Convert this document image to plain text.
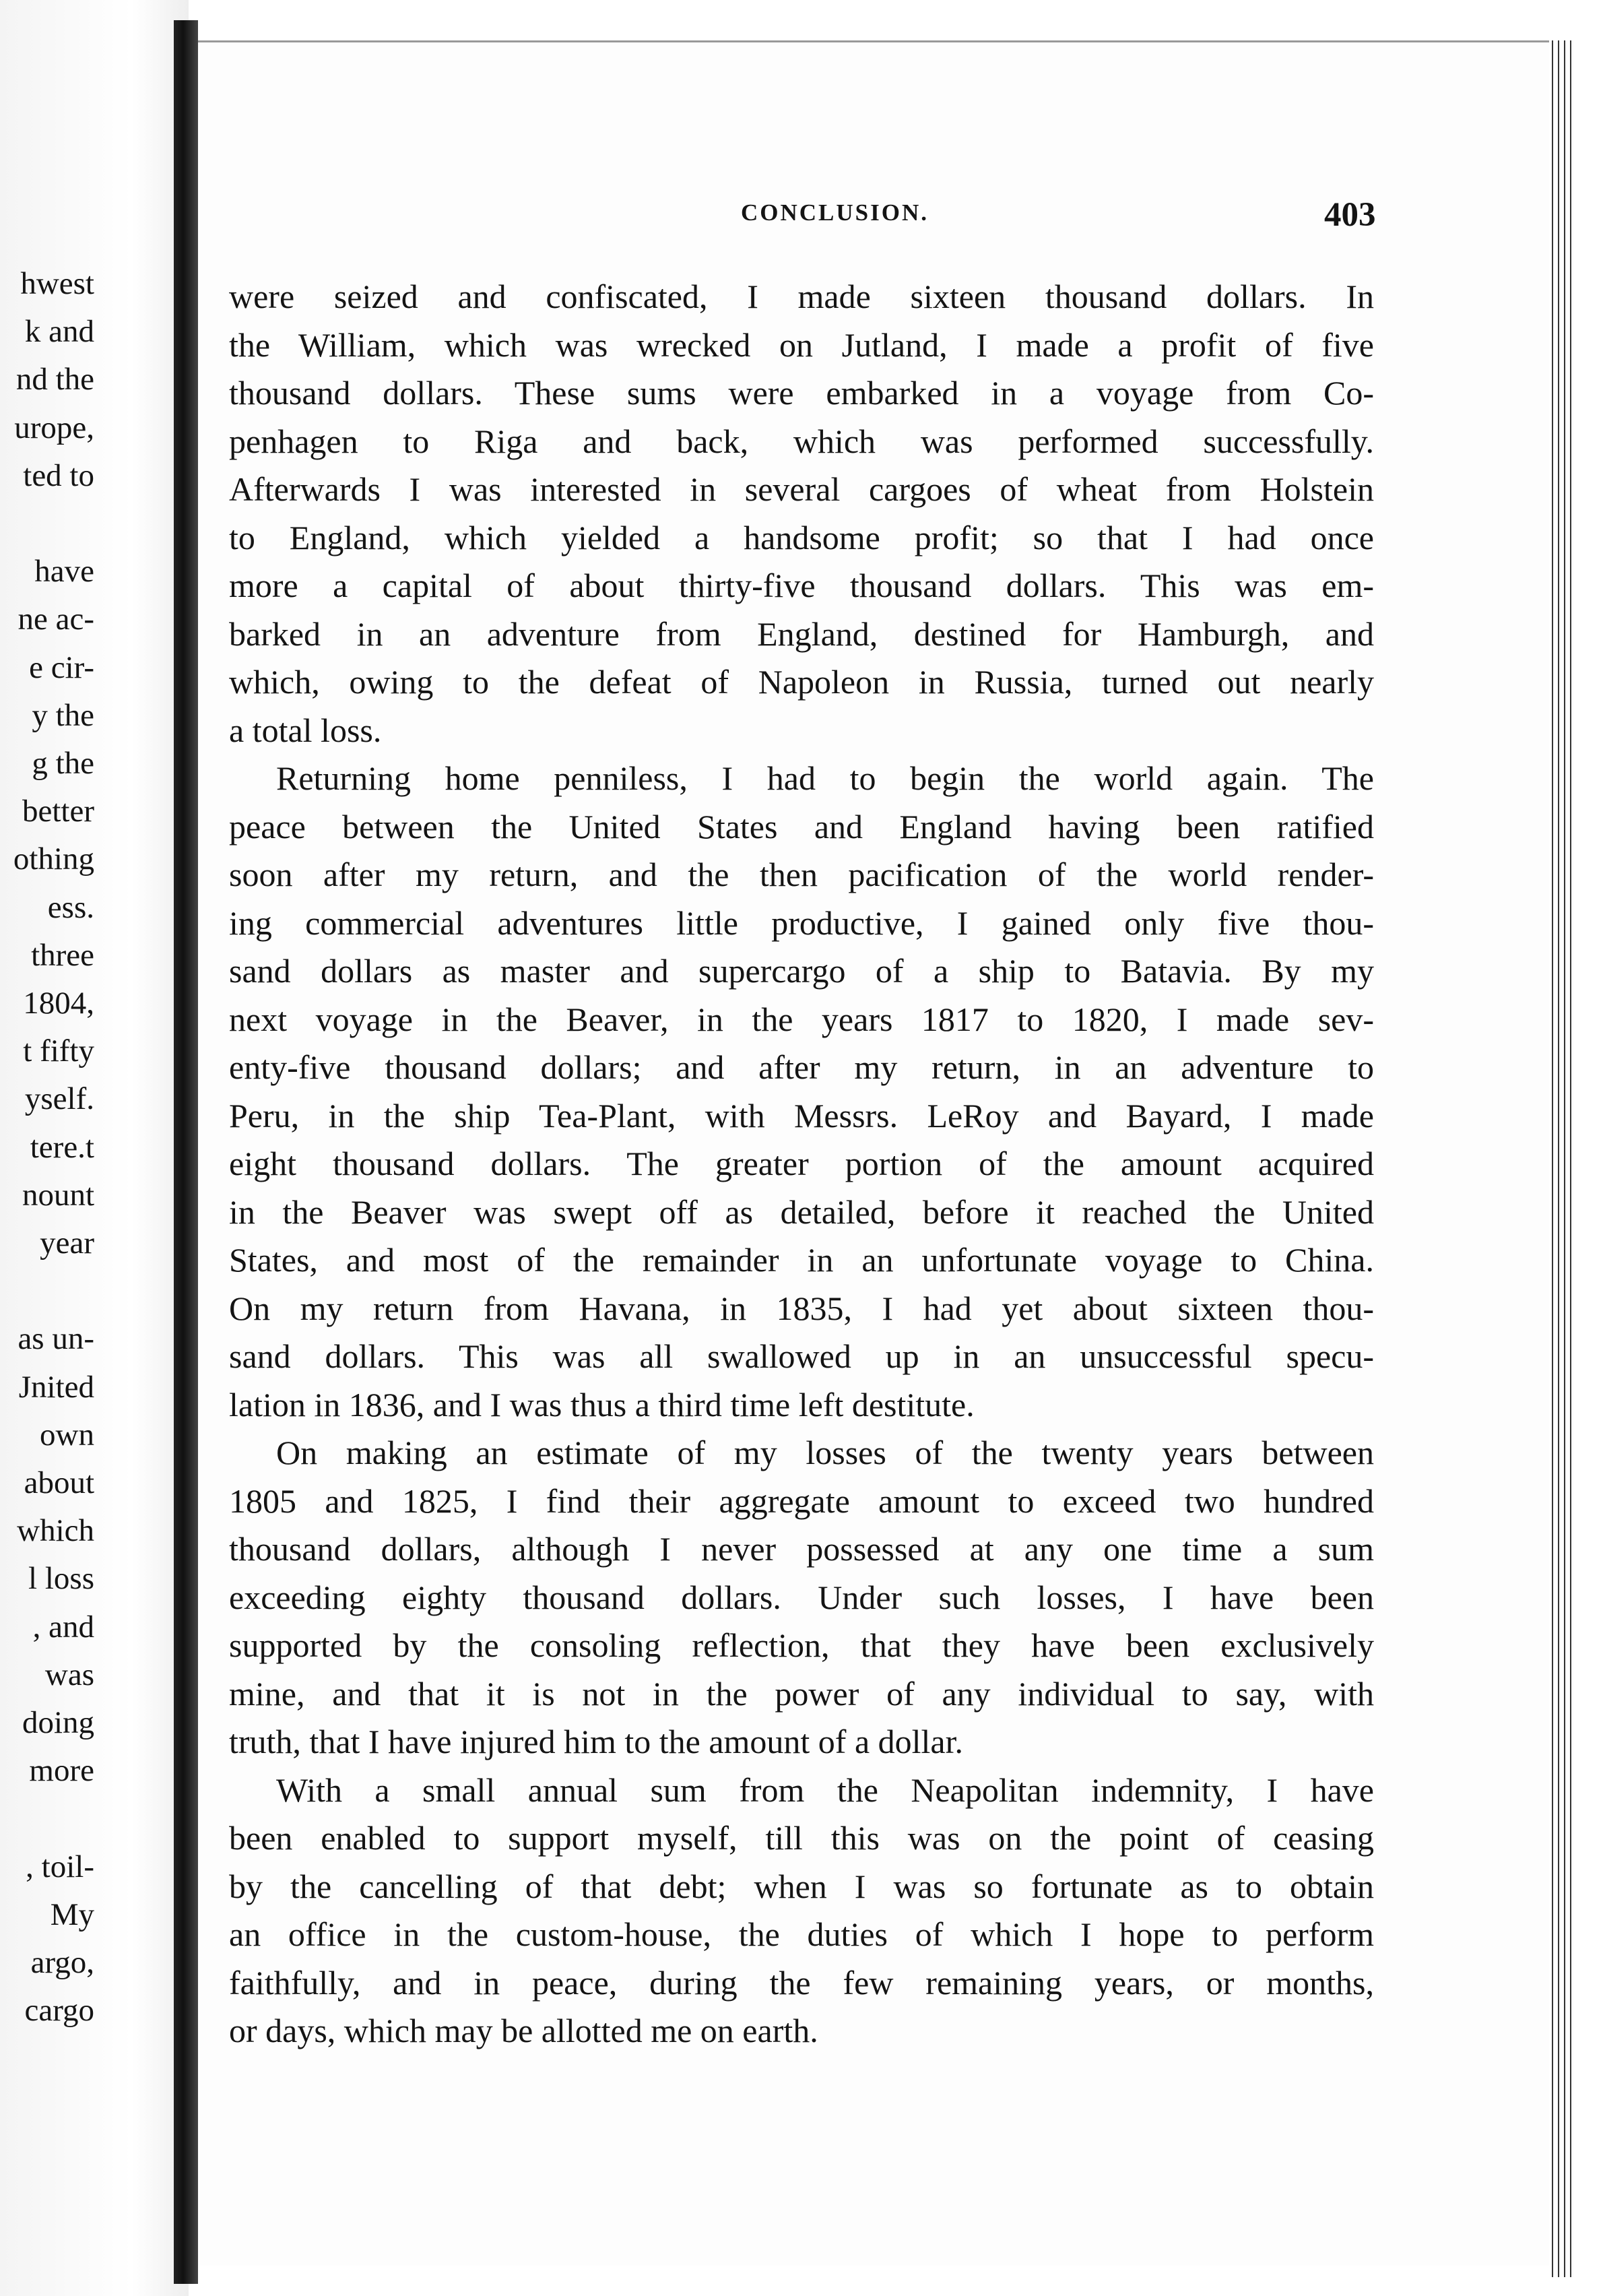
hwest
k and
nd the
urope,
ted to
have
ne ac-
e cir-
y the
g the
better
othing
ess.
three
1804,
t fifty
yself.
tere.t
nount
year
as un-
Jnited
own
about
which
l loss
, and
was
doing
more
, toil-
My
argo,
cargo
CONCLUSION.	403
were seized and confiscated, I made sixteen thousand dollars. In
the William, which was wrecked on Jutland, I made a profit of five
thousand dollars. These sums were embarked in a voyage from Co-
penhagen to Riga and back, which was performed successfully.
Afterwards I was interested in several cargoes of wheat from Holstein
to England, which yielded a handsome profit; so that I had once
more a capital of about thirty-five thousand dollars. This was em-
barked in an adventure from England, destined for Hamburgh, and
which, owing to the defeat of Napoleon in Russia, turned out nearly
a total loss.
Returning home penniless, I had to begin the world again. The
peace between the United States and England having been ratified
soon after my return, and the then pacification of the world render-
ing commercial adventures little productive, I gained only five thou-
sand dollars as master and supercargo of a ship to Batavia. By my
next voyage in the Beaver, in the years 1817 to 1820, I made sev-
enty-five thousand dollars; and after my return, in an adventure to
Peru, in the ship Tea-Plant, with Messrs. LeRoy and Bayard, I made
eight thousand dollars. The greater portion of the amount acquired
in the Beaver was swept off as detailed, before it reached the United
States, and most of the remainder in an unfortunate voyage to China.
On my return from Havana, in 1835, I had yet about sixteen thou-
sand dollars. This was all swallowed up in an unsuccessful specu-
lation in 1836, and I was thus a third time left destitute.
On making an estimate of my losses of the twenty years between
1805 and 1825, I find their aggregate amount to exceed two hundred
thousand dollars, although I never possessed at any one time a sum
exceeding eighty thousand dollars. Under such losses, I have been
supported by the consoling reflection, that they have been exclusively
mine, and that it is not in the power of any individual to say, with
truth, that I have injured him to the amount of a dollar.
With a small annual sum from the Neapolitan indemnity, I have
been enabled to support myself, till this was on the point of ceasing
by the cancelling of that debt; when I was so fortunate as to obtain
an office in the custom-house, the duties of which I hope to perform
faithfully, and in peace, during the few remaining years, or months,
or days, which may be allotted me on earth.
